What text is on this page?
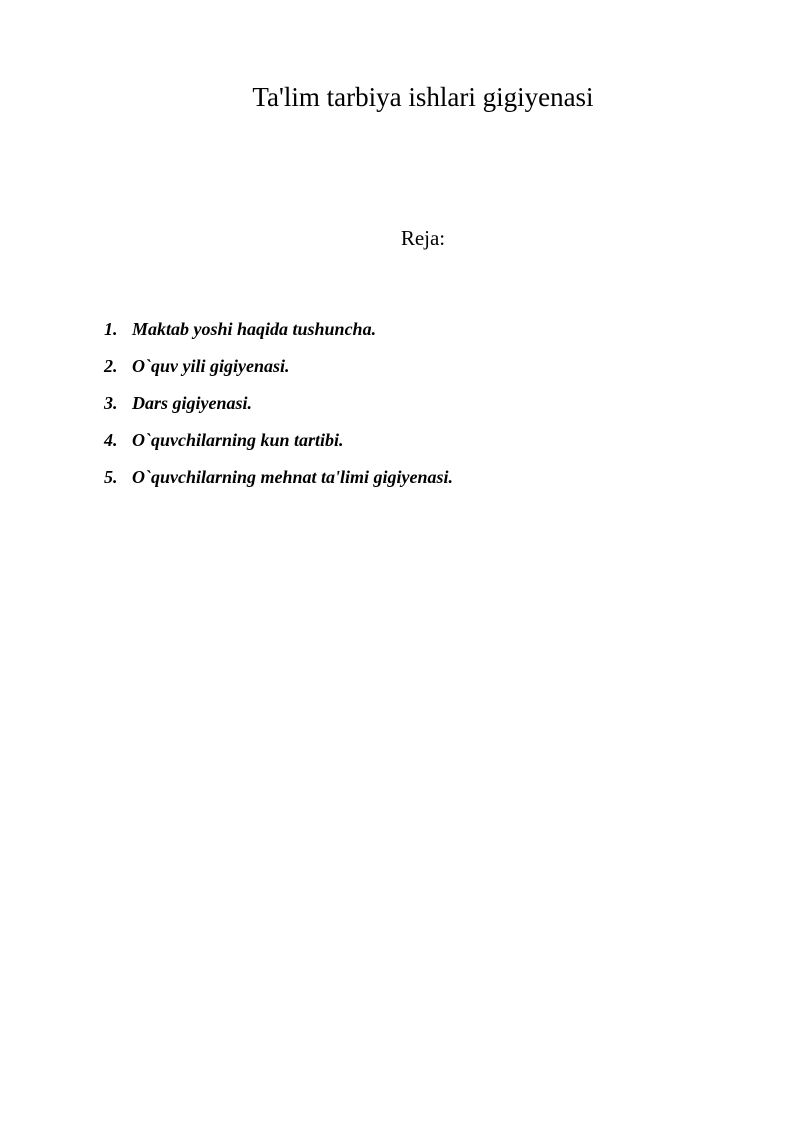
Ta'lim tarbiya ishlari gigiyenasi

Reja:

1. Maktab yoshi haqida tushuncha.
2. O`quv yili gigiyenasi.
3. Dars gigiyenasi.
4. O`quvchilarning kun tartibi.
5. O`quvchilarning mehnat ta'limi gigiyenasi.
